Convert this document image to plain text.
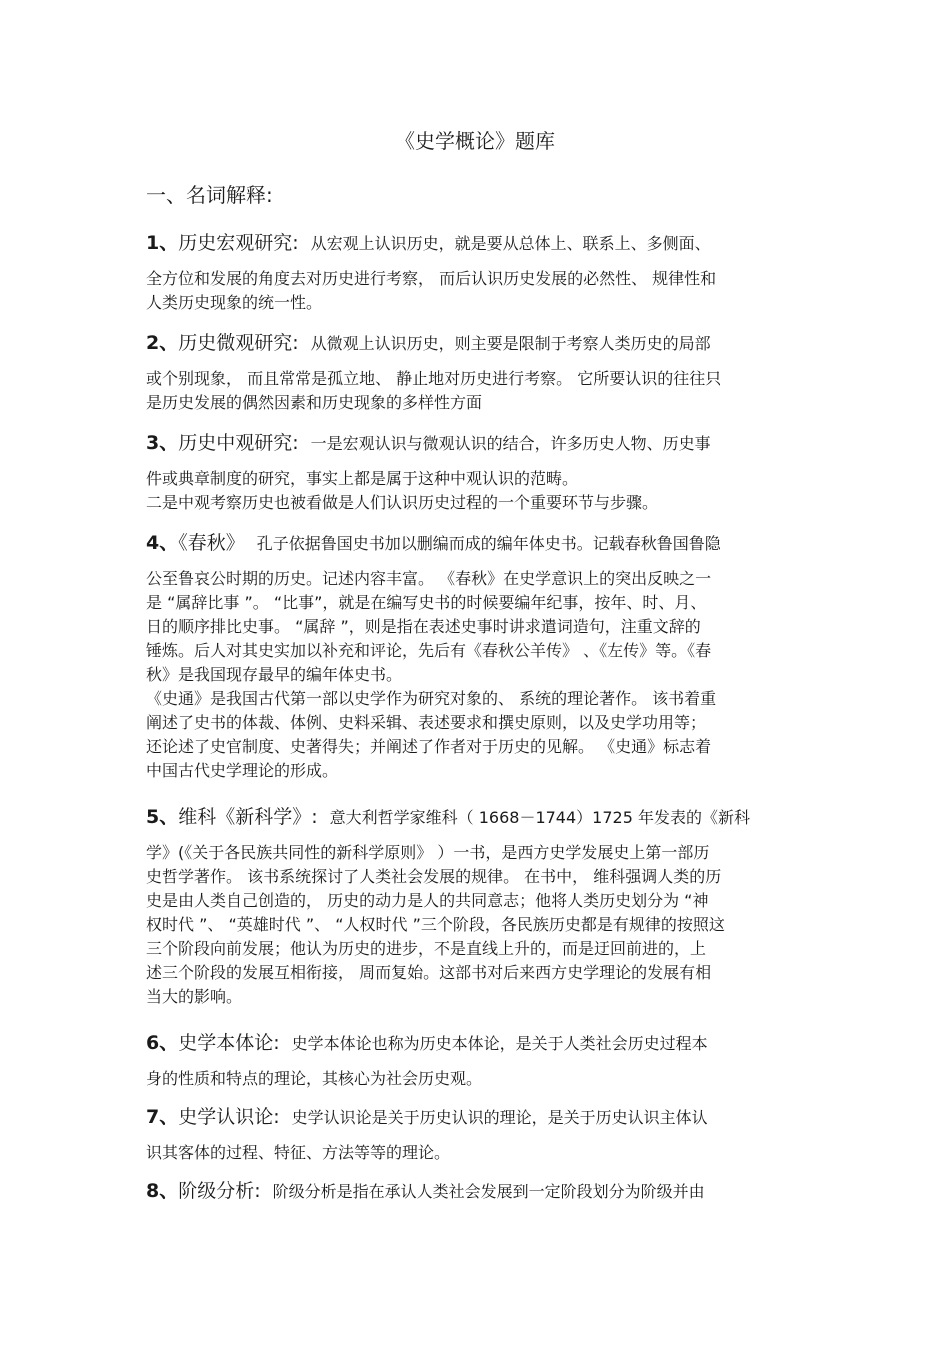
《史学概论》题库
一、名词解释:

1、历史宏观研究: 从宏观上认识历史，就是要从总体上、联系上、多侧面、

全方位和发展的角度去对历史进行考察， 而后认识历史发展的必然性、 规律性和

人类历史现象的统一性。

2、历史微观研究: 从微观上认识历史，则主要是限制于考察人类历史的局部

或个别现象， 而且常常是孤立地、 静止地对历史进行考察。 它所要认识的往往只

是历史发展的偶然因素和历史现象的多样性方面

3、历史中观研究: 一是宏观认识与微观认识的结合，许多历史人物、历史事

件或典章制度的研究，事实上都是属于这种中观认识的范畴。

二是中观考察历史也被看做是人们认识历史过程的一个重要环节与步骤。

4、《春秋》 孔子依据鲁国史书加以删编而成的编年体史书。记载春秋鲁国鲁隐

公至鲁哀公时期的历史。记述内容丰富。 《春秋》在史学意识上的突出反映之一

是 “属辞比事 ”。 “比事”，就是在编写史书的时候要编年纪事，按年、时、月、

日的顺序排比史事。 “属辞 ”，则是指在表述史事时讲求遣词造句，注重文辞的

锤炼。后人对其史实加以补充和评论，先后有《春秋公羊传》 、《左传》等。《春

秋》是我国现存最早的编年体史书。

《史通》是我国古代第一部以史学作为研究对象的、 系统的理论著作。 该书着重

阐述了史书的体裁、体例、史料采辑、表述要求和撰史原则，以及史学功用等；

还论述了史官制度、史著得失；并阐述了作者对于历史的见解。 《史通》标志着

中国古代史学理论的形成。

5、维科《新科学》: 意大利哲学家维科（ 1668－1744）1725 年发表的《新科

学》(《关于各民族共同性的新科学原则》 ）一书，是西方史学发展史上第一部历

史哲学著作。 该书系统探讨了人类社会发展的规律。 在书中， 维科强调人类的历

史是由人类自己创造的， 历史的动力是人的共同意志；他将人类历史划分为 “神

权时代 ”、 “英雄时代 ”、 “人权时代 ”三个阶段，各民族历史都是有规律的按照这

三个阶段向前发展；他认为历史的进步，不是直线上升的，而是迂回前进的，上

述三个阶段的发展互相衔接， 周而复始。这部书对后来西方史学理论的发展有相

当大的影响。

6、史学本体论: 史学本体论也称为历史本体论，是关于人类社会历史过程本

身的性质和特点的理论，其核心为社会历史观。

7、史学认识论: 史学认识论是关于历史认识的理论，是关于历史认识主体认

识其客体的过程、特征、方法等等的理论。

8、阶级分析: 阶级分析是指在承认人类社会发展到一定阶段划分为阶级并由
